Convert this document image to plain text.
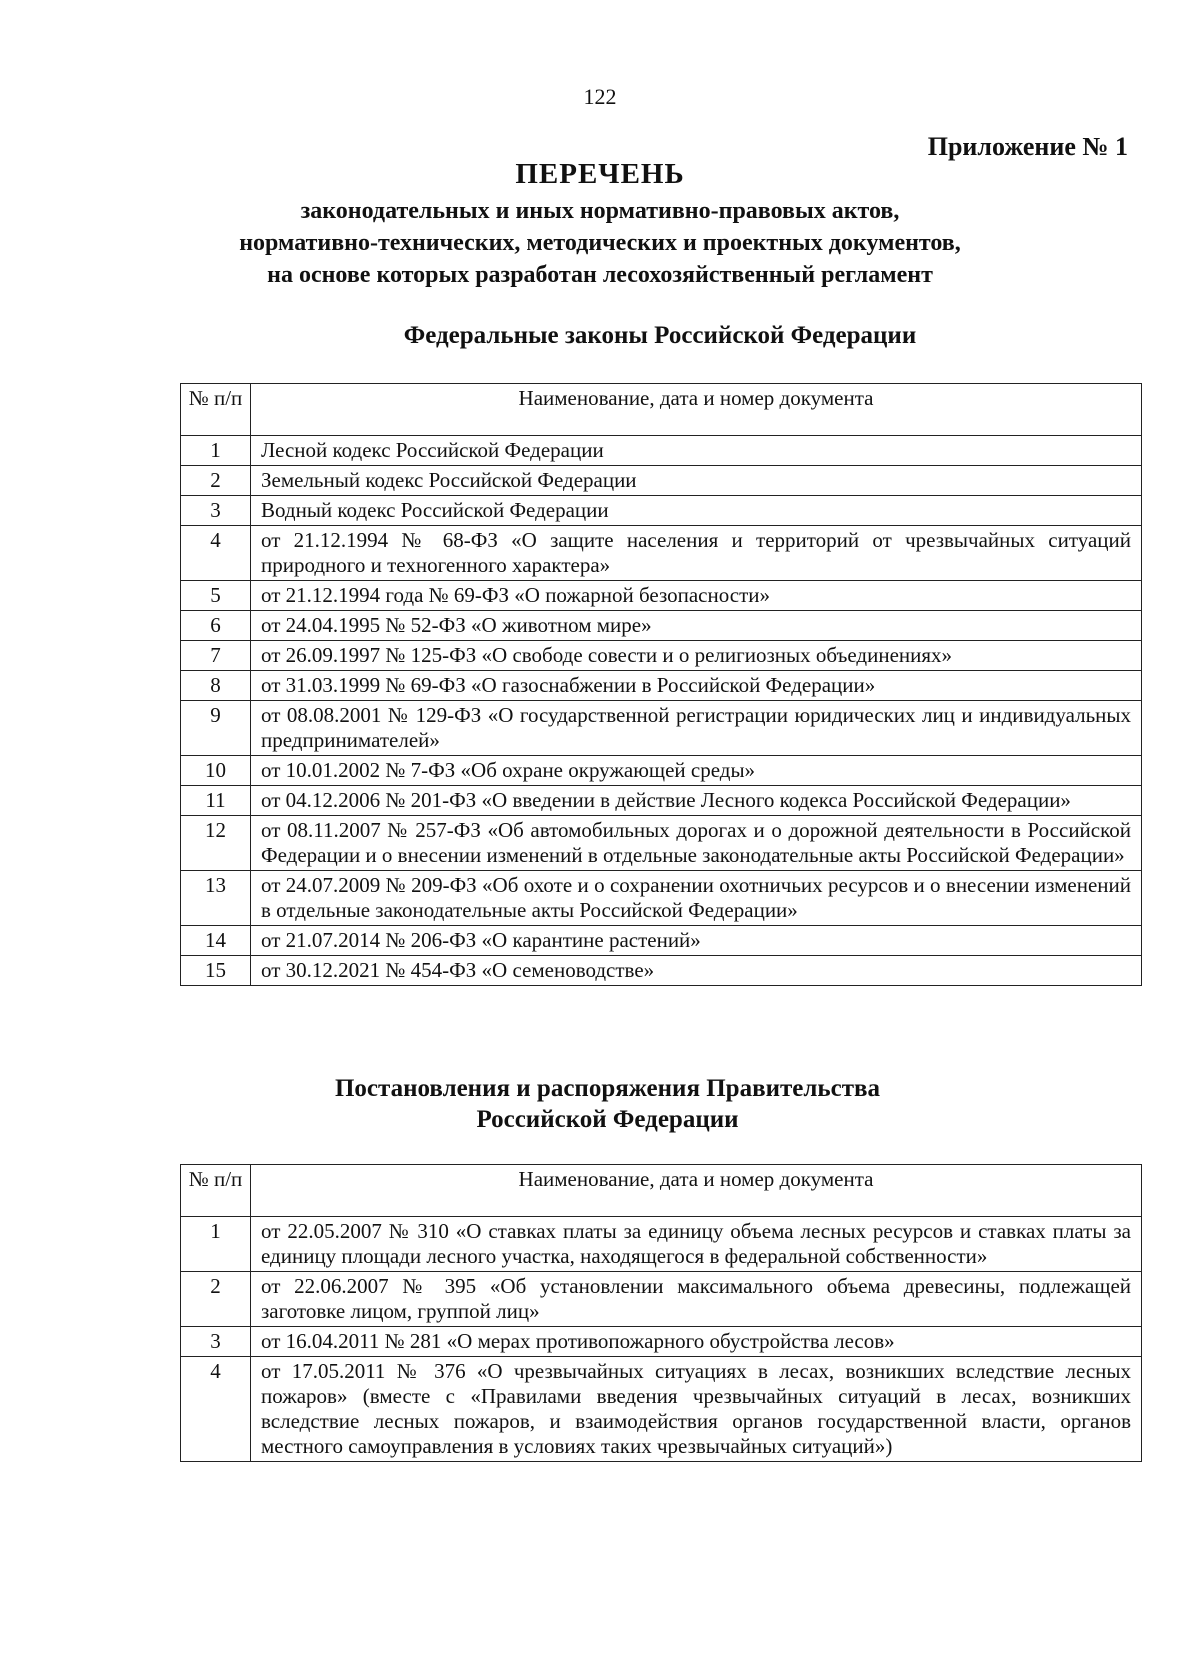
122
Приложение № 1
ПЕРЕЧЕНЬ
законодательных и иных нормативно-правовых актов,
нормативно-технических, методических и проектных документов,
на основе которых разработан лесохозяйственный регламент
Федеральные законы Российской Федерации
№ п/п	Наименование, дата и номер документа
1	Лесной кодекс Российской Федерации
2	Земельный кодекс Российской Федерации
3	Водный кодекс Российской Федерации
4	от 21.12.1994 № 68-ФЗ «О защите населения и территорий от чрезвычайных ситуаций природного и техногенного характера»
5	от 21.12.1994 года № 69-ФЗ «О пожарной безопасности»
6	от 24.04.1995 № 52-ФЗ «О животном мире»
7	от 26.09.1997 № 125-ФЗ «О свободе совести и о религиозных объединениях»
8	от 31.03.1999 № 69-ФЗ «О газоснабжении в Российской Федерации»
9	от 08.08.2001 № 129-ФЗ «О государственной регистрации юридических лиц и индивидуальных предпринимателей»
10	от 10.01.2002 № 7-ФЗ «Об охране окружающей среды»
11	от 04.12.2006 № 201-ФЗ «О введении в действие Лесного кодекса Российской Федерации»
12	от 08.11.2007 № 257-ФЗ «Об автомобильных дорогах и о дорожной деятельности в Российской Федерации и о внесении изменений в отдельные законодательные акты Российской Федерации»
13	от 24.07.2009 № 209-ФЗ «Об охоте и о сохранении охотничьих ресурсов и о внесении изменений в отдельные законодательные акты Российской Федерации»
14	от 21.07.2014 № 206-ФЗ «О карантине растений»
15	от 30.12.2021 № 454-ФЗ «О семеноводстве»
Постановления и распоряжения Правительства
Российской Федерации
№ п/п	Наименование, дата и номер документа
1	от 22.05.2007 № 310 «О ставках платы за единицу объема лесных ресурсов и ставках платы за единицу площади лесного участка, находящегося в федеральной собственности»
2	от 22.06.2007 № 395 «Об установлении максимального объема древесины, подлежащей заготовке лицом, группой лиц»
3	от 16.04.2011 № 281 «О мерах противопожарного обустройства лесов»
4	от 17.05.2011 № 376 «О чрезвычайных ситуациях в лесах, возникших вследствие лесных пожаров» (вместе с «Правилами введения чрезвычайных ситуаций в лесах, возникших вследствие лесных пожаров, и взаимодействия органов государственной власти, органов местного самоуправления в условиях таких чрезвычайных ситуаций»)
